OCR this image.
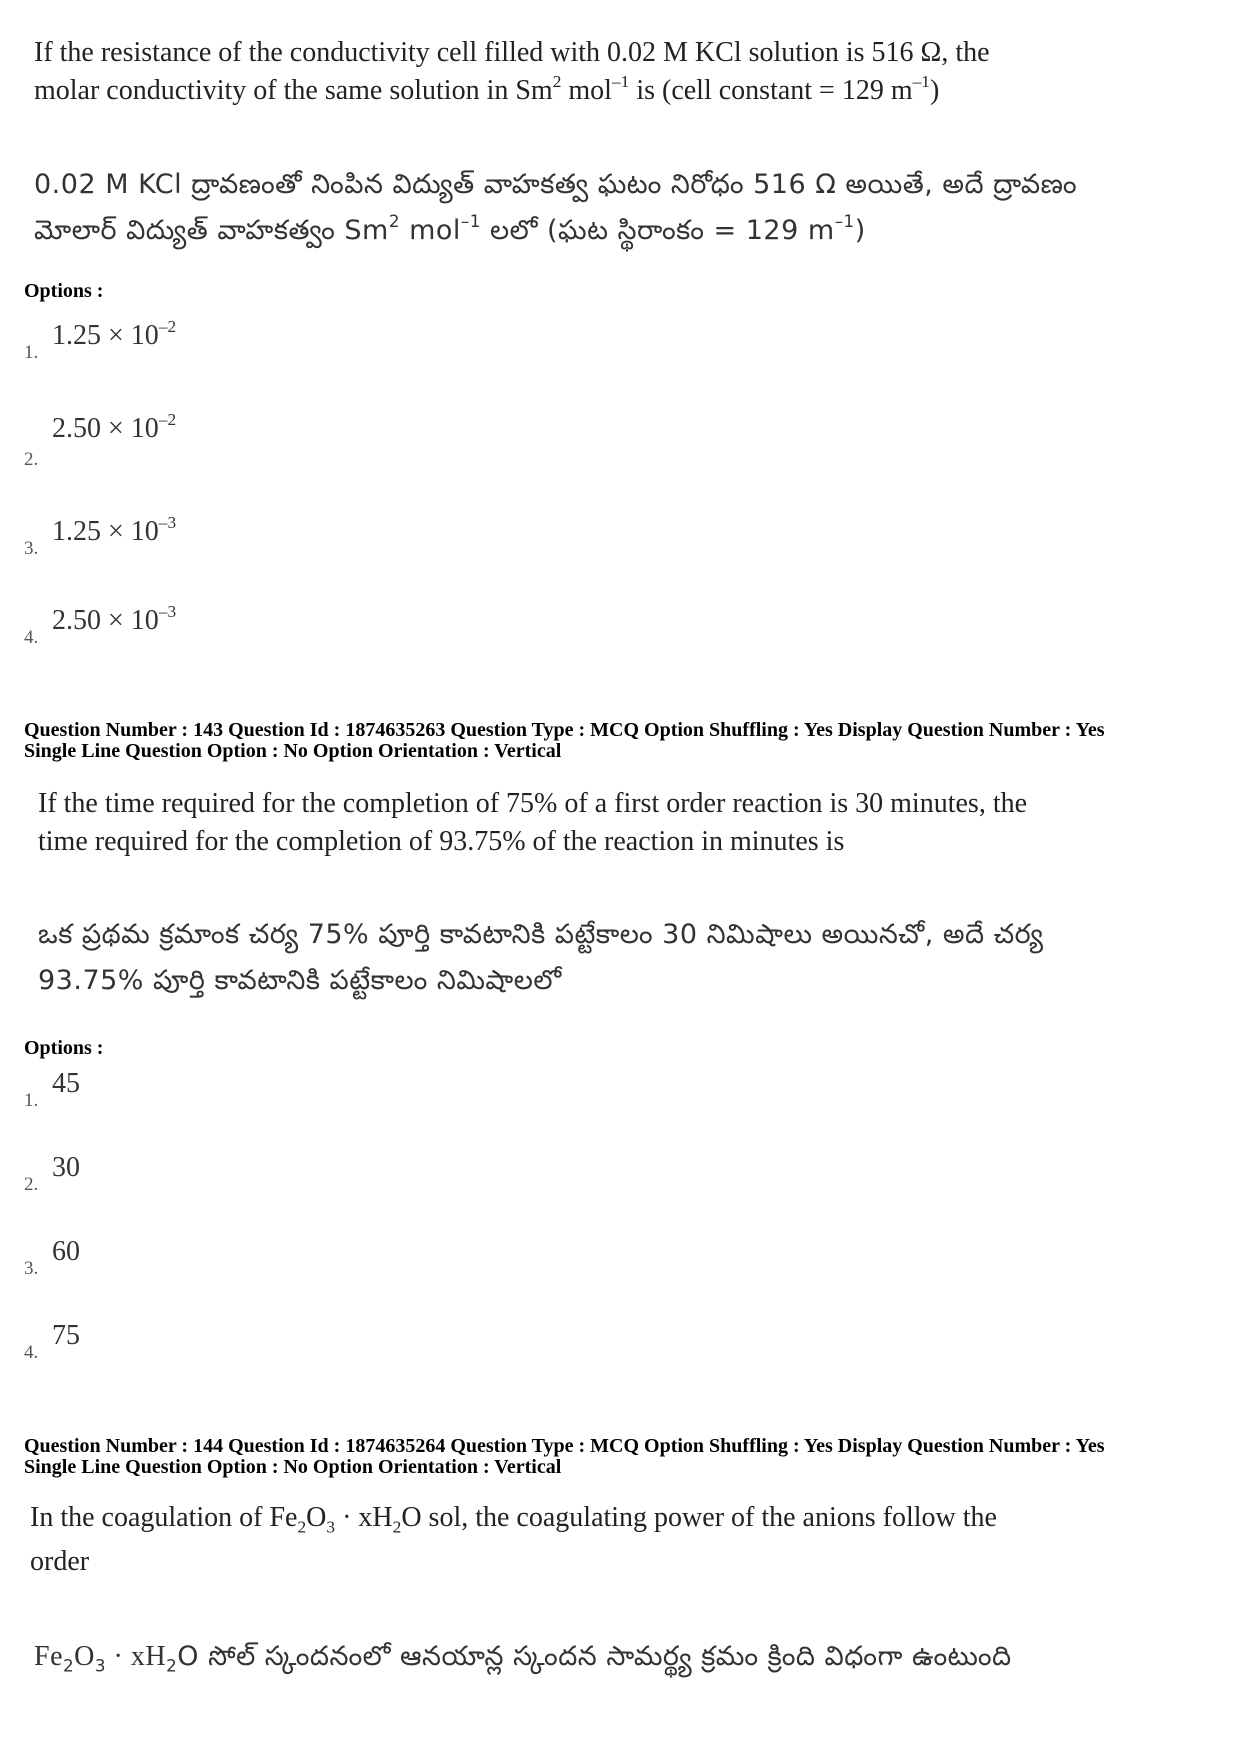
If the resistance of the conductivity cell filled with 0.02 M KCl solution is 516 Ω, the
molar conductivity of the same solution in Sm$^2$ mol$^{-1}$ is (cell constant = 129 $m^{-1}$)
0.02 M KCl ద్రావణంతో నింపిన విద్యుత్ వాహకత్వ ఘటం నిరోధం 516 Ω అయితే, అదే ద్రావణం
మోలార్ విద్యుత్ వాహకత్వం Sm$^2$ mol$^{-1}$ లలో (ఘట స్థిరాంకం = 129 $m^{-1}$)
Options :
1.
$1.25 \times 10^{-2}$
2.
$2.50 \times 10^{-2}$
3.
$1.25 \times 10^{-3}$
4.
$2.50 \times 10^{-3}$
Question Number : 143 Question Id : 1874635263 Question Type : MCQ Option Shuffling : Yes Display Question Number : Yes
Single Line Question Option : No Option Orientation : Vertical
If the time required for the completion of 75% of a first order reaction is 30 minutes, the
time required for the completion of 93.75% of the reaction in minutes is
ఒక ప్రథమ క్రమాంక చర్య 75% పూర్తి కావటానికి పట్టేకాలం 30 నిమిషాలు అయినచో, అదే చర్య
93.75% పూర్తి కావటానికి పట్టేకాలం నిమిషాలలో
Options :
1.
45
2.
30
3.
60
4.
75
Question Number : 144 Question Id : 1874635264 Question Type : MCQ Option Shuffling : Yes Display Question Number : Yes
Single Line Question Option : No Option Orientation : Vertical
In the coagulation of $Fe_2O_3 \cdot xH_2O$ sol, the coagulating power of the anions follow the
order
$Fe_2O_3 \cdot xH_2O$ సోల్ స్కందనంలో ఆనయాన్ల స్కందన సామర్థ్య క్రమం క్రింది విధంగా ఉంటుంది
